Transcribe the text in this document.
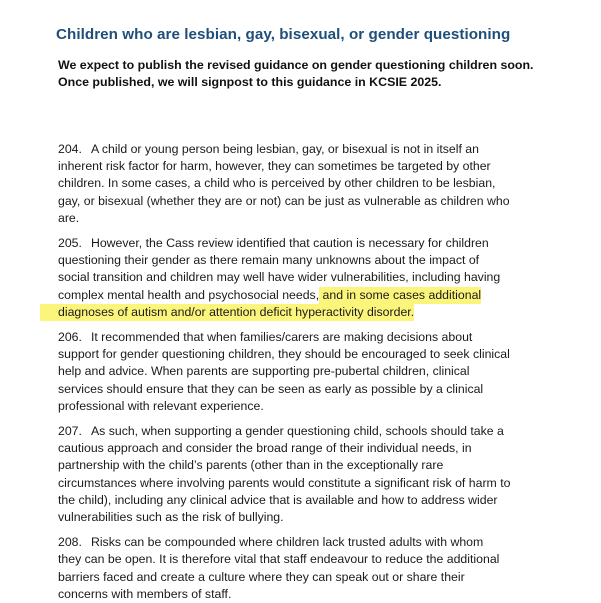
Children who are lesbian, gay, bisexual, or gender questioning
We expect to publish the revised guidance on gender questioning children soon.
Once published, we will signpost to this guidance in KCSIE 2025.
204. A child or young person being lesbian, gay, or bisexual is not in itself an
inherent risk factor for harm, however, they can sometimes be targeted by other
children. In some cases, a child who is perceived by other children to be lesbian,
gay, or bisexual (whether they are or not) can be just as vulnerable as children who
are.
205. However, the Cass review identified that caution is necessary for children
questioning their gender as there remain many unknowns about the impact of
social transition and children may well have wider vulnerabilities, including having
complex mental health and psychosocial needs, and in some cases additional
diagnoses of autism and/or attention deficit hyperactivity disorder.
206. It recommended that when families/carers are making decisions about
support for gender questioning children, they should be encouraged to seek clinical
help and advice. When parents are supporting pre-pubertal children, clinical
services should ensure that they can be seen as early as possible by a clinical
professional with relevant experience.
207. As such, when supporting a gender questioning child, schools should take a
cautious approach and consider the broad range of their individual needs, in
partnership with the child’s parents (other than in the exceptionally rare
circumstances where involving parents would constitute a significant risk of harm to
the child), including any clinical advice that is available and how to address wider
vulnerabilities such as the risk of bullying.
208. Risks can be compounded where children lack trusted adults with whom
they can be open. It is therefore vital that staff endeavour to reduce the additional
barriers faced and create a culture where they can speak out or share their
concerns with members of staff.
